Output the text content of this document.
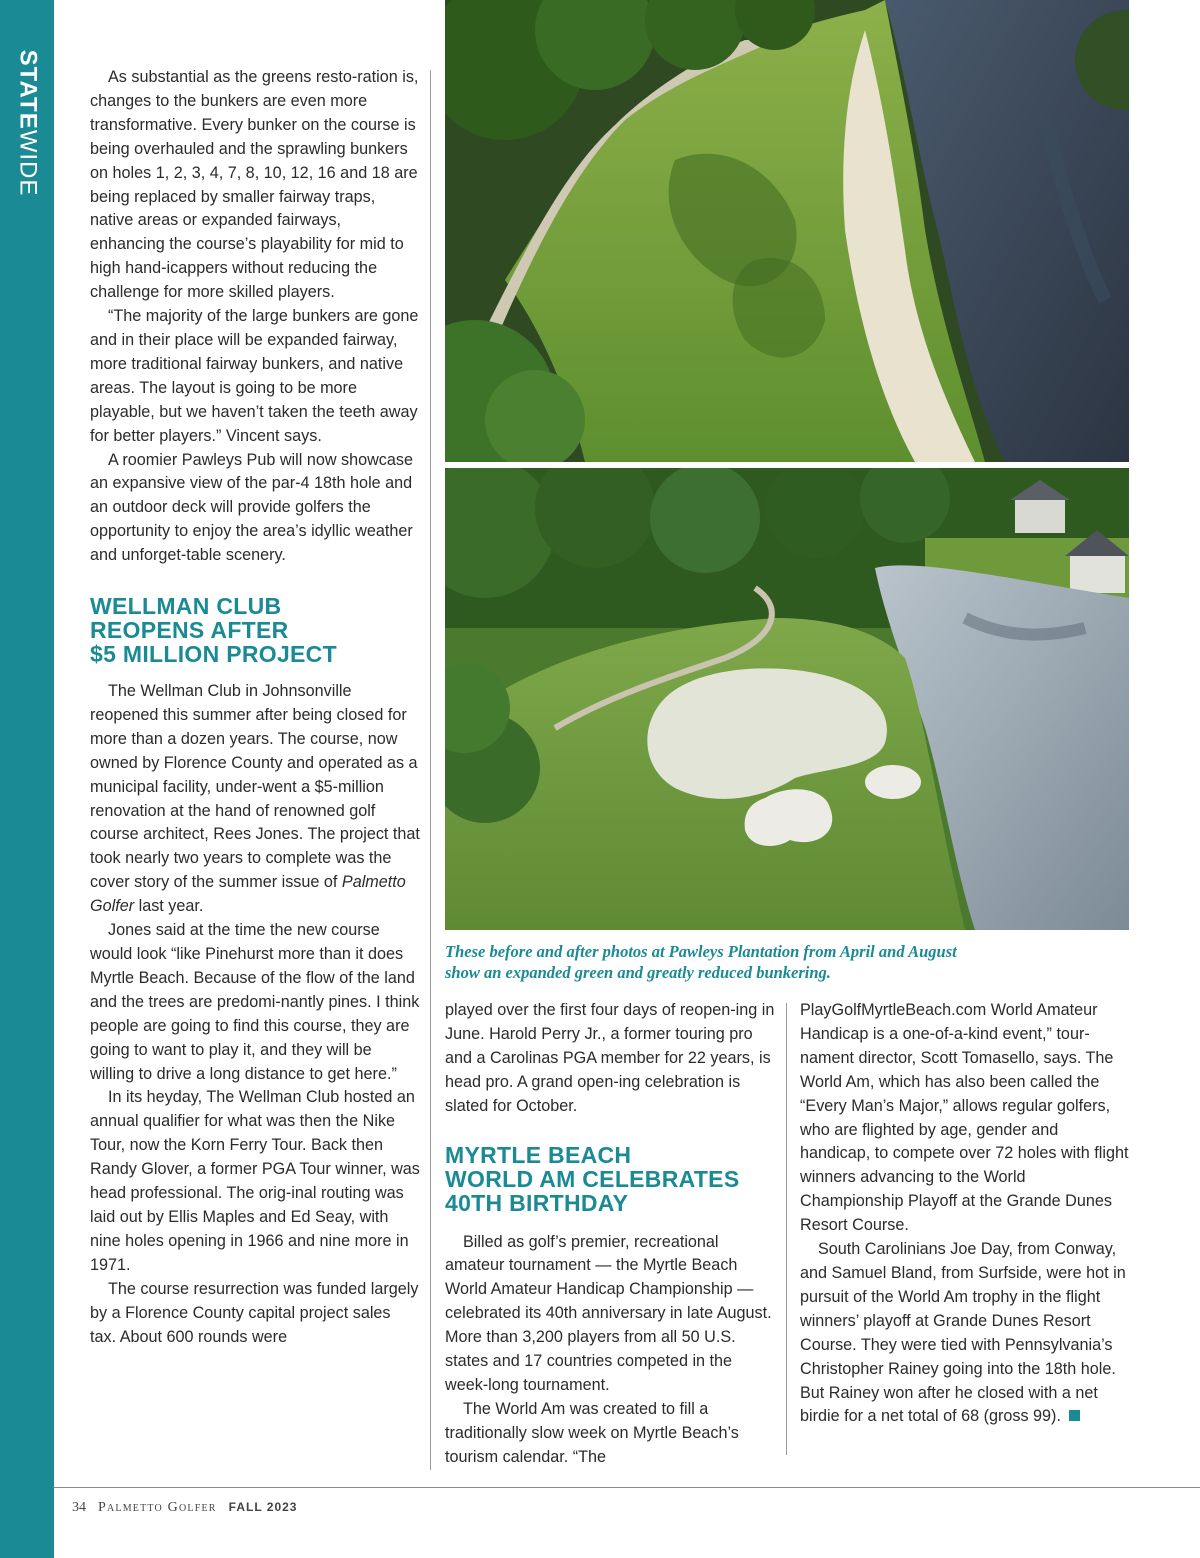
STATEWIDE

As substantial as the greens resto-ration is, changes to the bunkers are even more transformative. Every bunker on the course is being overhauled and the sprawling bunkers on holes 1, 2, 3, 4, 7, 8, 10, 12, 16 and 18 are being replaced by smaller fairway traps, native areas or expanded fairways, enhancing the course’s playability for mid to high hand-icappers without reducing the challenge for more skilled players.

“The majority of the large bunkers are gone and in their place will be expanded fairway, more traditional fairway bunkers, and native areas. The layout is going to be more playable, but we haven’t taken the teeth away for better players.” Vincent says.

A roomier Pawleys Pub will now showcase an expansive view of the par-4 18th hole and an outdoor deck will provide golfers the opportunity to enjoy the area’s idyllic weather and unforget-table scenery.

WELLMAN CLUB
REOPENS AFTER
$5 MILLION PROJECT

The Wellman Club in Johnsonville reopened this summer after being closed for more than a dozen years. The course, now owned by Florence County and operated as a municipal facility, under-went a $5-million renovation at the hand of renowned golf course architect, Rees Jones. The project that took nearly two years to complete was the cover story of the summer issue of Palmetto Golfer last year.

Jones said at the time the new course would look “like Pinehurst more than it does Myrtle Beach. Because of the flow of the land and the trees are predomi-nantly pines. I think people are going to find this course, they are going to want to play it, and they will be willing to drive a long distance to get here.”

In its heyday, The Wellman Club hosted an annual qualifier for what was then the Nike Tour, now the Korn Ferry Tour. Back then Randy Glover, a former PGA Tour winner, was head professional. The orig-inal routing was laid out by Ellis Maples and Ed Seay, with nine holes opening in 1966 and nine more in 1971.

The course resurrection was funded largely by a Florence County capital project sales tax. About 600 rounds were

These before and after photos at Pawleys Plantation from April and August show an expanded green and greatly reduced bunkering.

played over the first four days of reopen-ing in June. Harold Perry Jr., a former touring pro and a Carolinas PGA member for 22 years, is head pro. A grand open-ing celebration is slated for October.

MYRTLE BEACH
WORLD AM CELEBRATES
40TH BIRTHDAY

Billed as golf’s premier, recreational amateur tournament — the Myrtle Beach World Amateur Handicap Championship — celebrated its 40th anniversary in late August. More than 3,200 players from all 50 U.S. states and 17 countries competed in the week-long tournament.

The World Am was created to fill a traditionally slow week on Myrtle Beach’s tourism calendar. “The

PlayGolfMyrtleBeach.com World Amateur Handicap is a one-of-a-kind event,” tour-nament director, Scott Tomasello, says. The World Am, which has also been called the “Every Man’s Major,” allows regular golfers, who are flighted by age, gender and handicap, to compete over 72 holes with flight winners advancing to the World Championship Playoff at the Grande Dunes Resort Course.

South Carolinians Joe Day, from Conway, and Samuel Bland, from Surfside, were hot in pursuit of the World Am trophy in the flight winners’ playoff at Grande Dunes Resort Course. They were tied with Pennsylvania’s Christopher Rainey going into the 18th hole. But Rainey won after he closed with a net birdie for a net total of 68 (gross 99).

34 Palmetto Golfer FALL 2023
